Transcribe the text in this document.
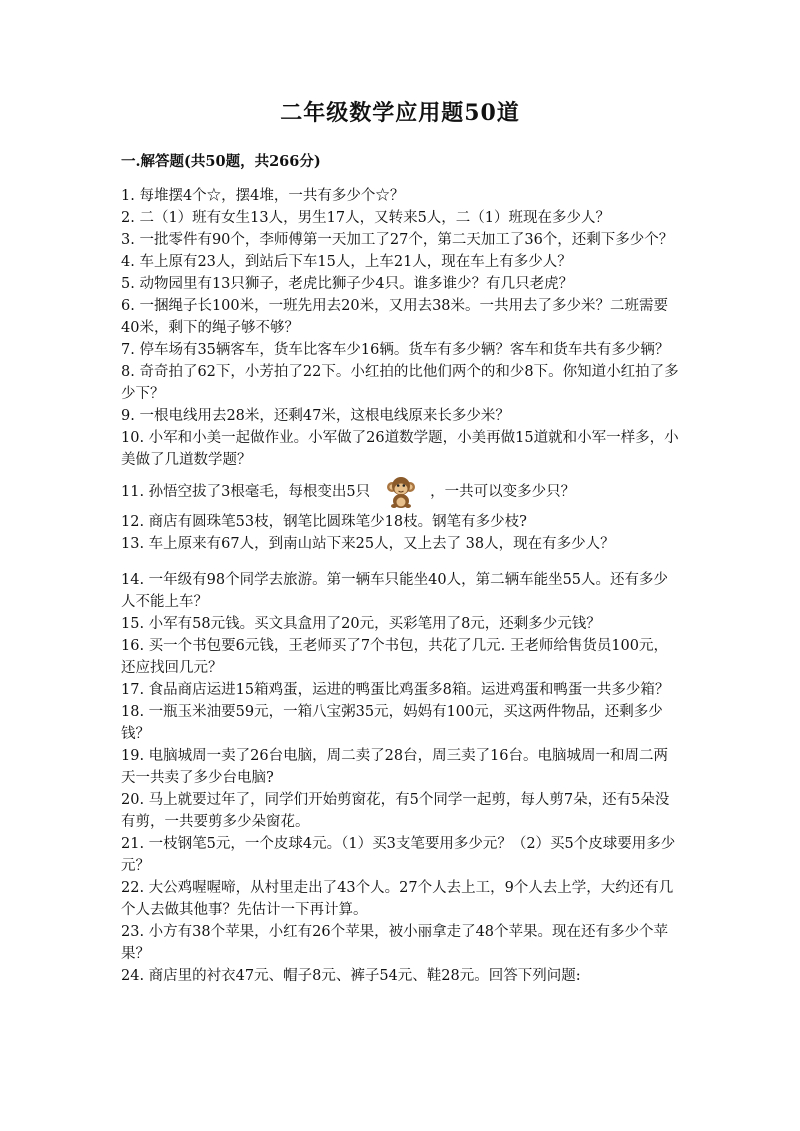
二年级数学应用题50道
一.解答题(共50题，共266分)

1. 每堆摆4个☆，摆4堆，一共有多少个☆？

2. 二（1）班有女生13人，男生17人，又转来5人，二（1）班现在多少人？

3. 一批零件有90个，李师傅第一天加工了27个，第二天加工了36个，还剩下多少个？

4. 车上原有23人，到站后下车15人，上车21人，现在车上有多少人？

5. 动物园里有13只狮子，老虎比狮子少4只。谁多谁少？有几只老虎？

6. 一捆绳子长100米，一班先用去20米，又用去38米。一共用去了多少米？二班需要40米，剩下的绳子够不够？

7. 停车场有35辆客车，货车比客车少16辆。货车有多少辆？客车和货车共有多少辆？

8. 奇奇拍了62下，小芳拍了22下。小红拍的比他们两个的和少8下。你知道小红拍了多少下？

9. 一根电线用去28米，还剩47米，这根电线原来长多少米？

10. 小军和小美一起做作业。小军做了26道数学题，小美再做15道就和小军一样多，小美做了几道数学题？

11. 孙悟空拔了3根毫毛，每根变出5只	，一共可以变多少只？

12. 商店有圆珠笔53枝，钢笔比圆珠笔少18枝。钢笔有多少枝?

13. 车上原来有67人，到南山站下来25人，又上去了 38人，现在有多少人？

14. 一年级有98个同学去旅游。第一辆车只能坐40人，第二辆车能坐55人。还有多少人不能上车？

15. 小军有58元钱。买文具盒用了20元，买彩笔用了8元，还剩多少元钱？

16. 买一个书包要6元钱，王老师买了7个书包，共花了几元. 王老师给售货员100元，还应找回几元？

17. 食品商店运进15箱鸡蛋，运进的鸭蛋比鸡蛋多8箱。运进鸡蛋和鸭蛋一共多少箱？

18. 一瓶玉米油要59元，一箱八宝粥35元，妈妈有100元，买这两件物品，还剩多少钱？

19. 电脑城周一卖了26台电脑，周二卖了28台，周三卖了16台。电脑城周一和周二两天一共卖了多少台电脑?

20. 马上就要过年了，同学们开始剪窗花，有5个同学一起剪，每人剪7朵，还有5朵没有剪，一共要剪多少朵窗花。

21. 一枝钢笔5元，一个皮球4元。（1）买3支笔要用多少元？（2）买5个皮球要用多少元？

22. 大公鸡喔喔啼，从村里走出了43个人。27个人去上工，9个人去上学，大约还有几个人去做其他事？先估计一下再计算。

23. 小方有38个苹果，小红有26个苹果，被小丽拿走了48个苹果。现在还有多少个苹果？

24. 商店里的衬衣47元、帽子8元、裤子54元、鞋28元。回答下列问题:
